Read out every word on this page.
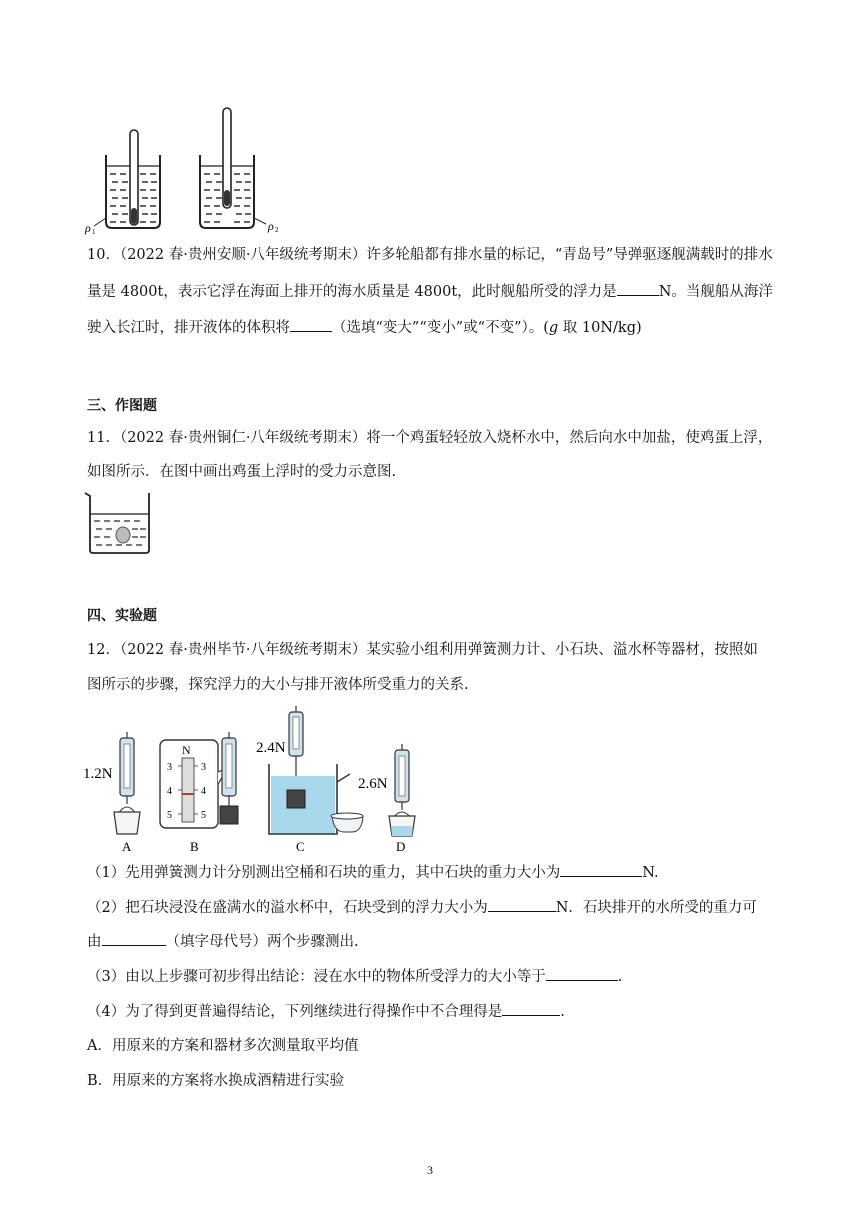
ρ 1	ρ 2
10．（2022 春·贵州安顺·八年级统考期末）许多轮船都有排水量的标记，“青岛号”导弹驱逐舰满载时的排水
量是 4800t，表示它浮在海面上排开的海水质量是 4800t，此时舰船所受的浮力是	N。当舰船从海洋
驶入长江时，排开液体的体积将	（选填“变大”“变小”或“不变”）。(g 取 10N/kg)
三、作图题
11．（2022 春·贵州铜仁·八年级统考期末）将一个鸡蛋轻轻放入烧杯水中，然后向水中加盐，使鸡蛋上浮，
如图所示．在图中画出鸡蛋上浮时的受力示意图.
四、实验题
12．（2022 春·贵州毕节·八年级统考期末）某实验小组利用弹簧测力计、小石块、溢水杯等器材，按照如
图所示的步骤，探究浮力的大小与排开液体所受重力的关系.
1.2N
A
N
3	3
4	4
5	5
B
2.4N
C
2.6N
D
（1）先用弹簧测力计分别测出空桶和石块的重力，其中石块的重力大小为	N.
（2）把石块浸没在盛满水的溢水杯中，石块受到的浮力大小为	N．石块排开的水所受的重力可
由	（填字母代号）两个步骤测出.
（3）由以上步骤可初步得出结论：浸在水中的物体所受浮力的大小等于	.
（4）为了得到更普遍得结论，下列继续进行得操作中不合理得是	.
A．用原来的方案和器材多次测量取平均值
B．用原来的方案将水换成酒精进行实验
3
